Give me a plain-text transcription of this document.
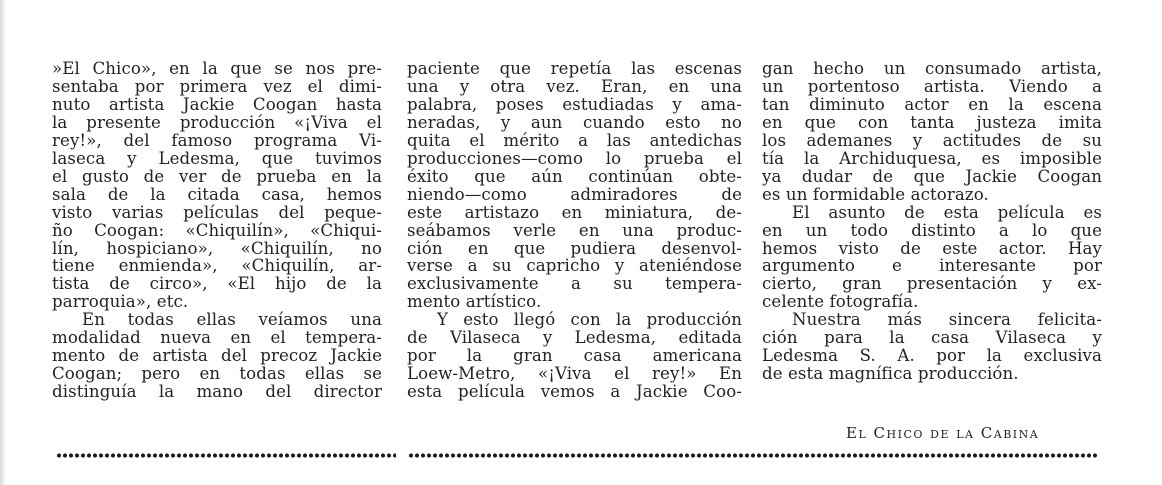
»El Chico», en la que se nos pre-
sentaba por primera vez el dimi-
nuto artista Jackie Coogan hasta
la presente producción «¡Viva el
rey!», del famoso programa Vi-
laseca y Ledesma, que tuvimos
el gusto de ver de prueba en la
sala de la citada casa, hemos
visto varias películas del peque-
ño Coogan: «Chiquilín», «Chiqui-
lín, hospiciano», «Chiquilín, no
tiene enmienda», «Chiquilín, ar-
tista de circo», «El hijo de la
parroquia», etc.
En todas ellas veíamos una
modalidad nueva en el tempera-
mento de artista del precoz Jackie
Coogan; pero en todas ellas se
distinguía la mano del director
paciente que repetía las escenas
una y otra vez. Eran, en una
palabra, poses estudiadas y ama-
neradas, y aun cuando esto no
quita el mérito a las antedichas
producciones—como lo prueba el
éxito que aún continúan obte-
niendo—como admiradores de
este artistazo en miniatura, de-
seábamos verle en una produc-
ción en que pudiera desenvol-
verse a su capricho y ateniéndose
exclusivamente a su tempera-
mento artístico.
Y esto llegó con la producción
de Vilaseca y Ledesma, editada
por la gran casa americana
Loew-Metro, «¡Viva el rey!» En
esta película vemos a Jackie Coo-
gan hecho un consumado artista,
un portentoso artista. Viendo a
tan diminuto actor en la escena
en que con tanta justeza imita
los ademanes y actitudes de su
tía la Archiduquesa, es imposible
ya dudar de que Jackie Coogan
es un formidable actorazo.
El asunto de esta película es
en un todo distinto a lo que
hemos visto de este actor. Hay
argumento e interesante por
cierto, gran presentación y ex-
celente fotografía.
Nuestra más sincera felicita-
ción para la casa Vilaseca y
Ledesma S. A. por la exclusiva
de esta magnífica producción.
El Chico de la Cabina
